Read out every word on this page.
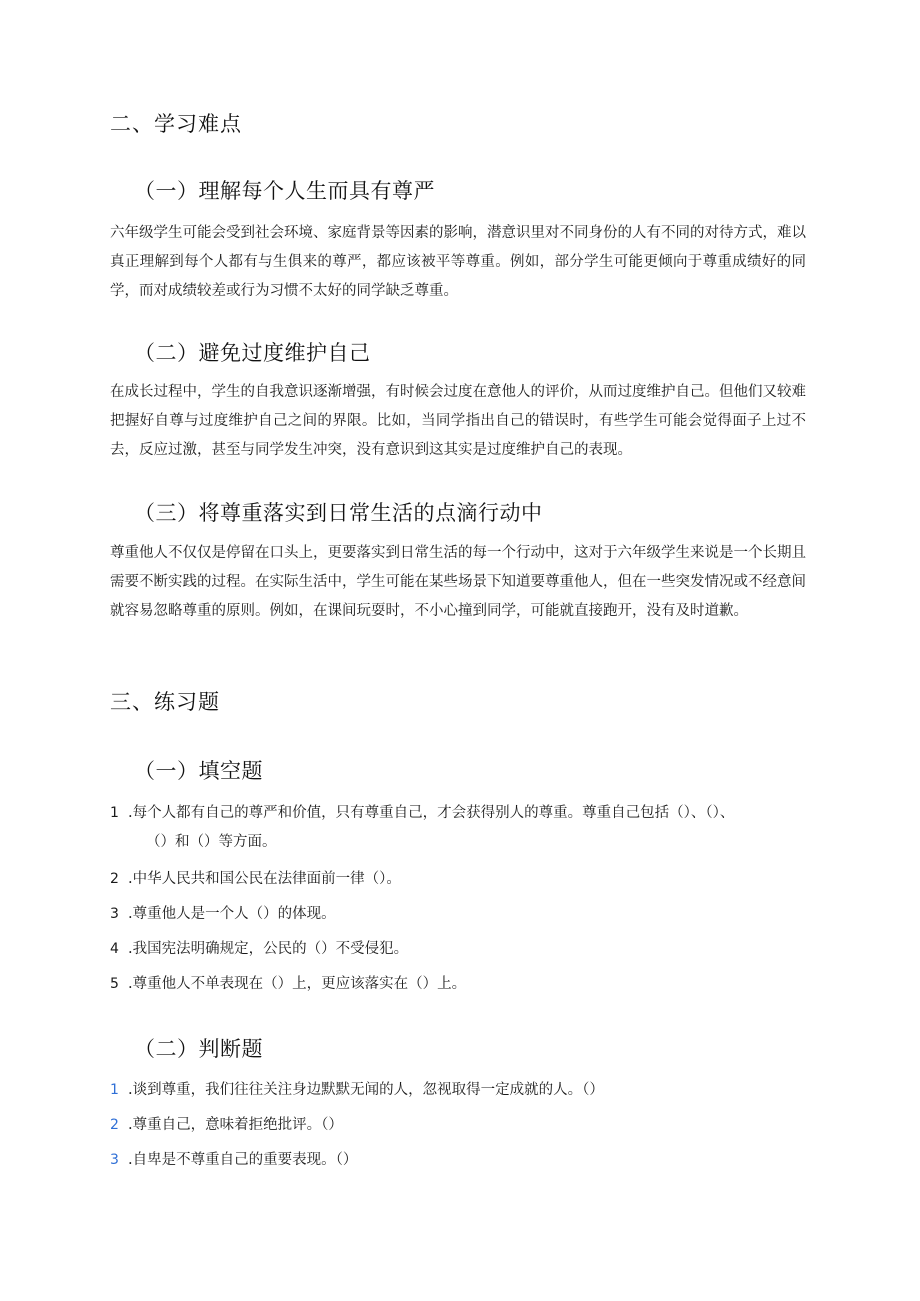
二、学习难点
（一）理解每个人生而具有尊严

六年级学生可能会受到社会环境、家庭背景等因素的影响，潜意识里对不同身份的人有不同的对待方式，难以真正理解到每个人都有与生俱来的尊严，都应该被平等尊重。例如，部分学生可能更倾向于尊重成绩好的同学，而对成绩较差或行为习惯不太好的同学缺乏尊重。

（二）避免过度维护自己

在成长过程中，学生的自我意识逐渐增强，有时候会过度在意他人的评价，从而过度维护自己。但他们又较难把握好自尊与过度维护自己之间的界限。比如，当同学指出自己的错误时，有些学生可能会觉得面子上过不去，反应过激，甚至与同学发生冲突，没有意识到这其实是过度维护自己的表现。

（三）将尊重落实到日常生活的点滴行动中

尊重他人不仅仅是停留在口头上，更要落实到日常生活的每一个行动中，这对于六年级学生来说是一个长期且需要不断实践的过程。在实际生活中，学生可能在某些场景下知道要尊重他人，但在一些突发情况或不经意间就容易忽略尊重的原则。例如，在课间玩耍时，不小心撞到同学，可能就直接跑开，没有及时道歉。

三、练习题
（一）填空题
1 .每个人都有自己的尊严和价值，只有尊重自己，才会获得别人的尊重。尊重自己包括（）、（）、
（）和（）等方面。
2 .中华人民共和国公民在法律面前一律（）。
3 .尊重他人是一个人（）的体现。
4 .我国宪法明确规定，公民的（）不受侵犯。
5 .尊重他人不单表现在（）上，更应该落实在（）上。
（二）判断题
1 .谈到尊重，我们往往关注身边默默无闻的人，忽视取得一定成就的人。（）
2 .尊重自己，意味着拒绝批评。（）
3 .自卑是不尊重自己的重要表现。（）
